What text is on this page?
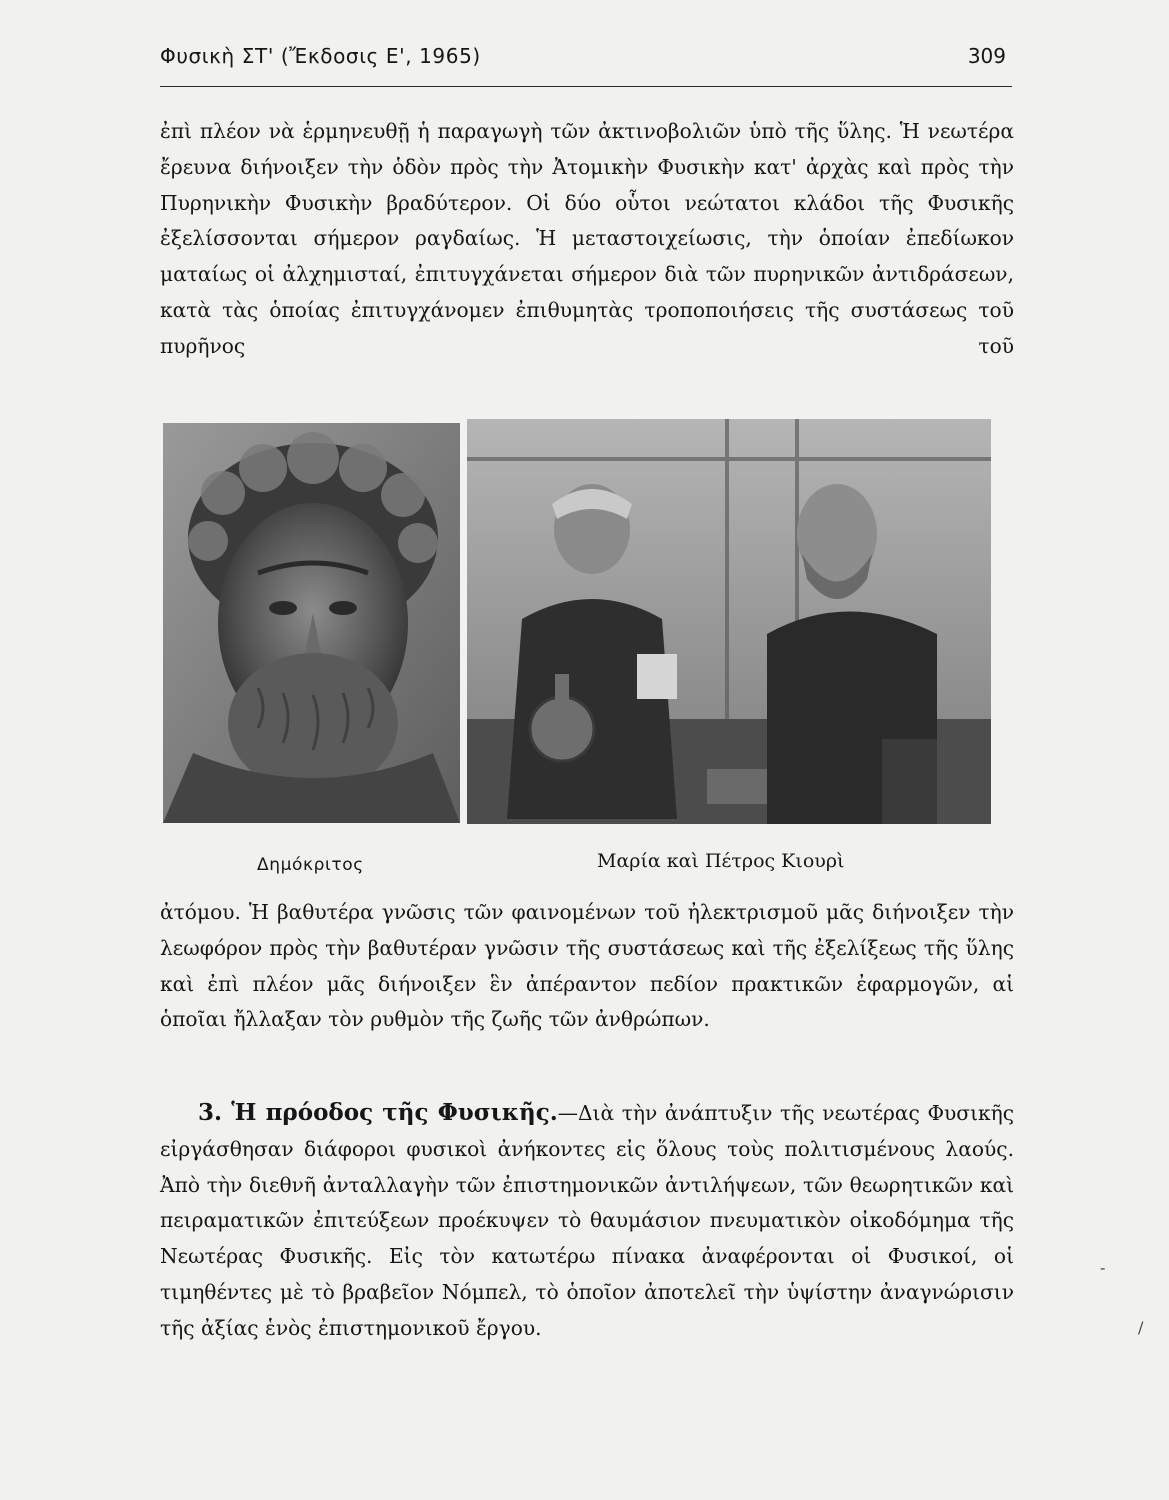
Φυσικὴ ΣΤ' (Ἔκδοσις Ε', 1965)	309

ἐπὶ πλέον νὰ ἑρμηνευθῇ ἡ παραγωγὴ τῶν ἀκτινοβολιῶν ὑπὸ τῆς ὕλης. Ἡ νεωτέρα ἔρευνα διήνοιξεν τὴν ὁδὸν πρὸς τὴν Ἀτομικὴν Φυσικὴν κατ' ἀρχὰς καὶ πρὸς τὴν Πυρηνικὴν Φυσικὴν βραδύτερον. Οἱ δύο οὗτοι νεώτατοι κλάδοι τῆς Φυσικῆς ἐξελίσσονται σήμερον ραγδαίως. Ἡ μεταστοιχείωσις, τὴν ὁποίαν ἐπεδίωκον ματαίως οἱ ἀλχημισταί, ἐπιτυγχάνεται σήμερον διὰ τῶν πυρηνικῶν ἀντιδράσεων, κατὰ τὰς ὁποίας ἐπιτυγχάνομεν ἐπιθυμητὰς τροποποιήσεις τῆς συστάσεως τοῦ πυρῆνος τοῦ

Δημόκριτος	Μαρία καὶ Πέτρος Κιουρὶ

ἀτόμου. Ἡ βαθυτέρα γνῶσις τῶν φαινομένων τοῦ ἠλεκτρισμοῦ μᾶς διήνοιξεν τὴν λεωφόρον πρὸς τὴν βαθυτέραν γνῶσιν τῆς συστάσεως καὶ τῆς ἐξελίξεως τῆς ὕλης καὶ ἐπὶ πλέον μᾶς διήνοιξεν ἓν ἀπέραντον πεδίον πρακτικῶν ἐφαρμογῶν, αἱ ὁποῖαι ἤλλαξαν τὸν ρυθμὸν τῆς ζωῆς τῶν ἀνθρώπων.

3. Ἡ πρόοδος τῆς Φυσικῆς.—Διὰ τὴν ἀνάπτυξιν τῆς νεωτέρας Φυσικῆς εἰργάσθησαν διάφοροι φυσικοὶ ἀνήκοντες εἰς ὅλους τοὺς πολιτισμένους λαούς. Ἀπὸ τὴν διεθνῆ ἀνταλλαγὴν τῶν ἐπιστημονικῶν ἀντιλήψεων, τῶν θεωρητικῶν καὶ πειραματικῶν ἐπιτεύξεων προέκυψεν τὸ θαυμάσιον πνευματικὸν οἰκοδόμημα τῆς Νεωτέρας Φυσικῆς. Εἰς τὸν κατωτέρω πίνακα ἀναφέρονται οἱ Φυσικοί, οἱ τιμηθέντες μὲ τὸ βραβεῖον Νόμπελ, τὸ ὁποῖον ἀποτελεῖ τὴν ὑψίστην ἀναγνώρισιν τῆς ἀξίας ἑνὸς ἐπιστημονικοῦ ἔργου.

-
/
